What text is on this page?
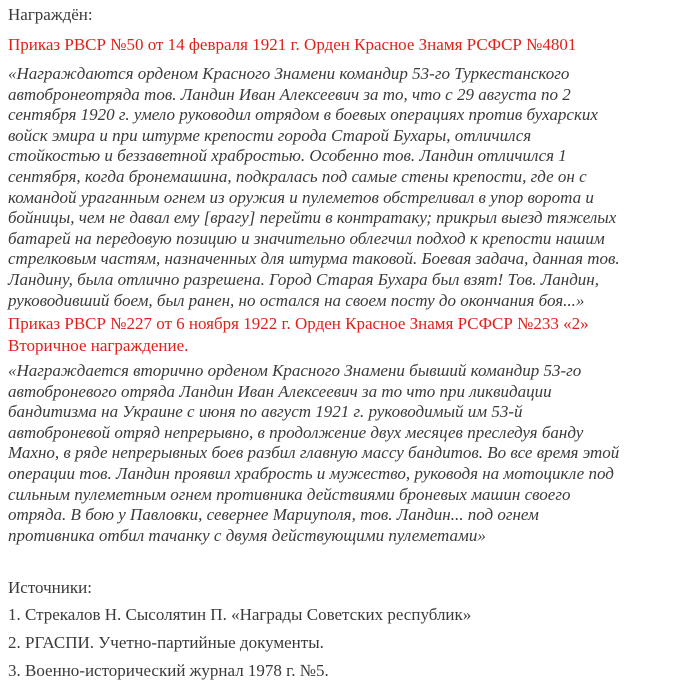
Награждён:
Приказ РВСР №50 от 14 февраля 1921 г. Орден Красное Знамя РСФСР №4801
«Награждаются орденом Красного Знамени командир 53-го Туркестанского
автобронеотряда тов. Ландин Иван Алексеевич за то, что с 29 августа по 2
сентября 1920 г. умело руководил отрядом в боевых операциях против бухарских
войск эмира и при штурме крепости города Старой Бухары, отличился
стойкостью и беззаветной храбростью. Особенно тов. Ландин отличился 1
сентября, когда бронемашина, подкралась под самые стены крепости, где он с
командой ураганным огнем из оружия и пулеметов обстреливал в упор ворота и
бойницы, чем не давал ему [врагу] перейти в контратаку; прикрыл выезд тяжелых
батарей на передовую позицию и значительно облегчил подход к крепости нашим
стрелковым частям, назначенных для штурма таковой. Боевая задача, данная тов.
Ландину, была отлично разрешена. Город Старая Бухара был взят! Тов. Ландин,
руководивший боем, был ранен, но остался на своем посту до окончания боя...»
Приказ РВСР №227 от 6 ноября 1922 г. Орден Красное Знамя РСФСР №233 «2»
Вторичное награждение.
«Награждается вторично орденом Красного Знамени бывший командир 53-го
автоброневого отряда Ландин Иван Алексеевич за то что при ликвидации
бандитизма на Украине с июня по август 1921 г. руководимый им 53-й
автоброневой отряд непрерывно, в продолжение двух месяцев преследуя банду
Махно, в ряде непрерывных боев разбил главную массу бандитов. Во все время этой
операции тов. Ландин проявил храбрость и мужество, руководя на мотоцикле под
сильным пулеметным огнем противника действиями броневых машин своего
отряда. В бою у Павловки, севернее Мариуполя, тов. Ландин... под огнем
противника отбил тачанку с двумя действующими пулеметами»
Источники:
1. Стрекалов Н. Сысолятин П. «Награды Советских республик»
2. РГАСПИ. Учетно-партийные документы.
3. Военно-исторический журнал 1978 г. №5.
